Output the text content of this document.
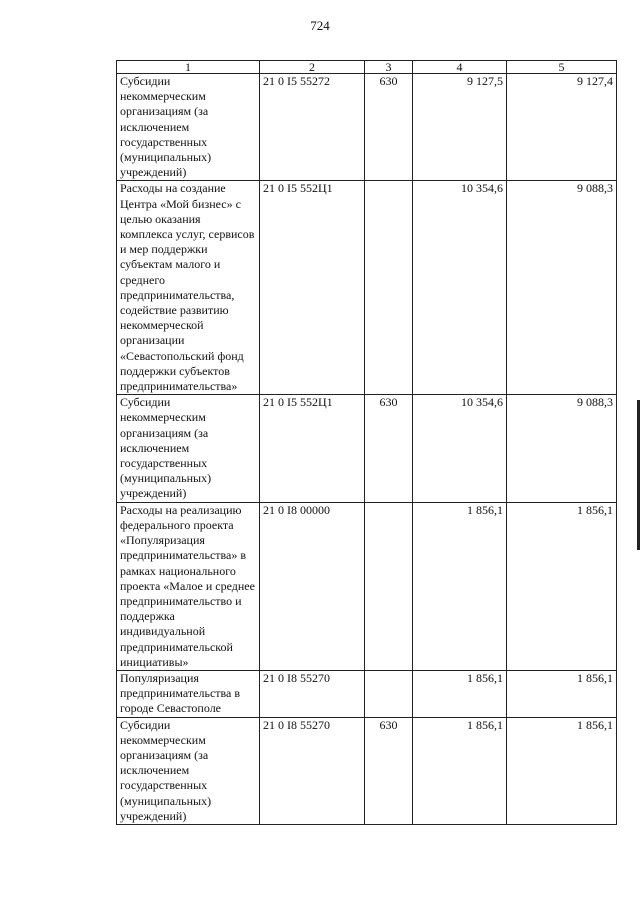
724
1	2	3	4	5
Субсидии некоммерческим организациям (за исключением государственных (муниципальных) учреждений)	21 0 I5 55272	630	9 127,5	9 127,4
Расходы на создание Центра «Мой бизнес» с целью оказания комплекса услуг, сервисов и мер поддержки субъектам малого и среднего предпринимательства, содействие развитию некоммерческой организации «Севастопольский фонд поддержки субъектов предпринимательства»	21 0 I5 552Ц1		10 354,6	9 088,3
Субсидии некоммерческим организациям (за исключением государственных (муниципальных) учреждений)	21 0 I5 552Ц1	630	10 354,6	9 088,3
Расходы на реализацию федерального проекта «Популяризация предпринимательства» в рамках национального проекта «Малое и среднее предпринимательство и поддержка индивидуальной предпринимательской инициативы»	21 0 I8 00000		1 856,1	1 856,1
Популяризация предпринимательства в городе Севастополе	21 0 I8 55270		1 856,1	1 856,1
Субсидии некоммерческим организациям (за исключением государственных (муниципальных) учреждений)	21 0 I8 55270	630	1 856,1	1 856,1
